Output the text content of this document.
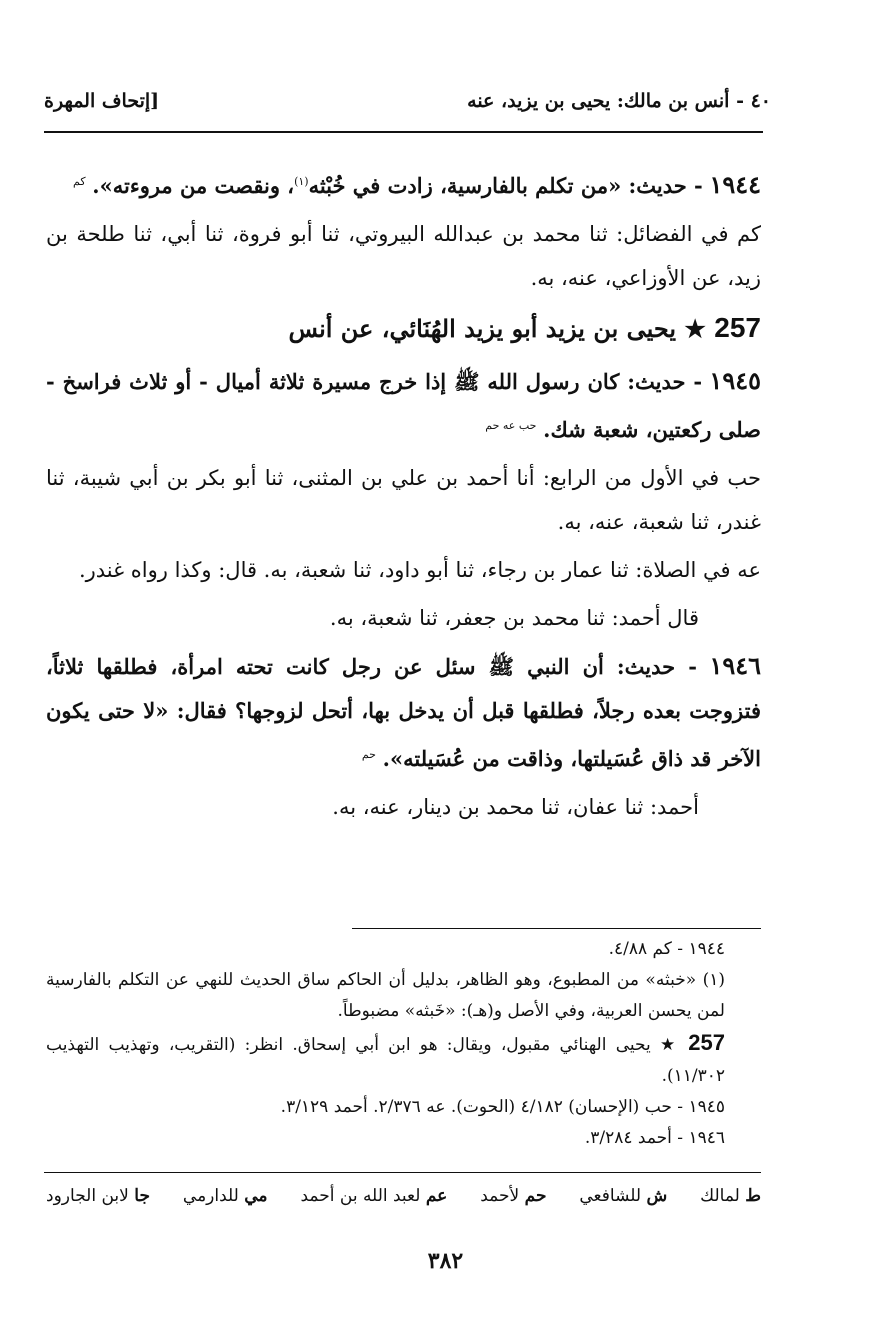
٤٠ - أنس بن مالك: يحيى بن يزيد، عنه
[إتحاف المهرة
١٩٤٤ - حديث: «من تكلم بالفارسية، زادت في خُبْثه$^{(١)}$، ونقصت من مروءته». $^{كم}$
كم في الفضائل: ثنا محمد بن عبدالله البيروتي، ثنا أبو فروة، ثنا أبي، ثنا طلحة بن زيد، عن الأوزاعي، عنه، به.
257 ★ يحيى بن يزيد أبو يزيد الهُنَائي، عن أنس
١٩٤٥ - حديث: كان رسول الله ﷺ إذا خرج مسيرة ثلاثة أميال - أو ثلاث فراسخ - صلى ركعتين، شعبة شك. $^{حب عه حم}$
حب في الأول من الرابع: أنا أحمد بن علي بن المثنى، ثنا أبو بكر بن أبي شيبة، ثنا غندر، ثنا شعبة، عنه، به.
عه في الصلاة: ثنا عمار بن رجاء، ثنا أبو داود، ثنا شعبة، به. قال: وكذا رواه غندر.
قال أحمد: ثنا محمد بن جعفر، ثنا شعبة، به.
١٩٤٦ - حديث: أن النبي ﷺ سئل عن رجل كانت تحته امرأة، فطلقها ثلاثاً، فتزوجت بعده رجلاً، فطلقها قبل أن يدخل بها، أتحل لزوجها؟ فقال: «لا حتى يكون الآخر قد ذاق عُسَيلتها، وذاقت من عُسَيلته». $^{حم}$
أحمد: ثنا عفان، ثنا محمد بن دينار، عنه، به.
١٩٤٤ - كم ٤/٨٨.
(١) «خبثه» من المطبوع، وهو الظاهر، بدليل أن الحاكم ساق الحديث للنهي عن التكلم بالفارسية لمن يحسن العربية، وفي الأصل و(هـ): «خَبثه» مضبوطاً.
257 ★ يحيى الهنائي مقبول، ويقال: هو ابن أبي إسحاق. انظر: (التقريب، وتهذيب التهذيب ١١/٣٠٢).
١٩٤٥ - حب (الإحسان) ٤/١٨٢ (الحوت). عه ٢/٣٧٦. أحمد ٣/١٢٩.
١٩٤٦ - أحمد ٣/٢٨٤.
ط لمالك
ش للشافعي
حم لأحمد
عم لعبد الله بن أحمد
مي للدارمي
جا لابن الجارود
٣٨٢
